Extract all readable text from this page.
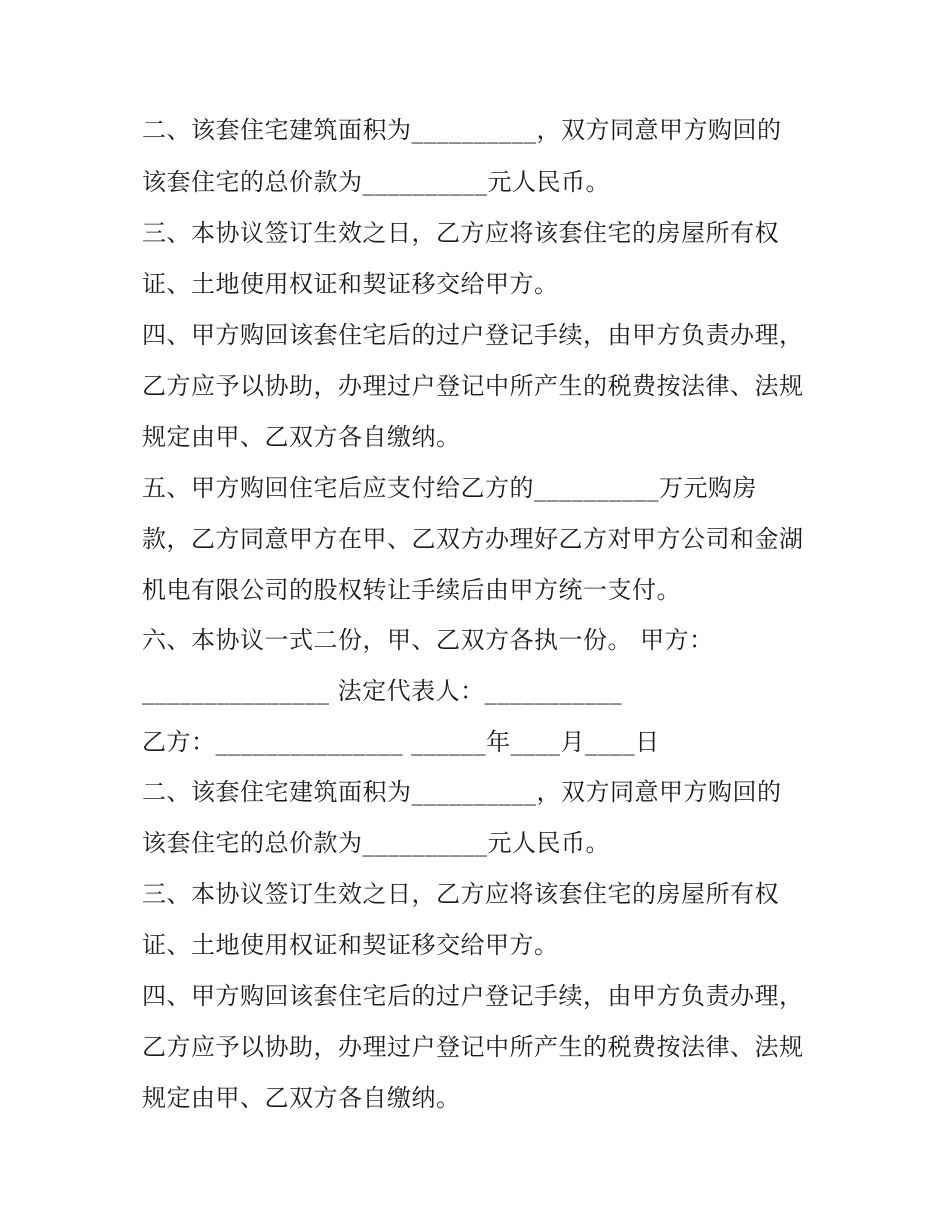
二、该套住宅建筑面积为__________，双方同意甲方购回的
该套住宅的总价款为__________元人民币。
三、本协议签订生效之日，乙方应将该套住宅的房屋所有权
证、土地使用权证和契证移交给甲方。
四、甲方购回该套住宅后的过户登记手续，由甲方负责办理，
乙方应予以协助，办理过户登记中所产生的税费按法律、法规
规定由甲、乙双方各自缴纳。
五、甲方购回住宅后应支付给乙方的__________万元购房
款，乙方同意甲方在甲、乙双方办理好乙方对甲方公司和金湖
机电有限公司的股权转让手续后由甲方统一支付。
六、本协议一式二份，甲、乙双方各执一份。 甲方：
_______________ 法定代表人：___________
乙方：_______________ ______年____月____日
二、该套住宅建筑面积为__________，双方同意甲方购回的
该套住宅的总价款为__________元人民币。
三、本协议签订生效之日，乙方应将该套住宅的房屋所有权
证、土地使用权证和契证移交给甲方。
四、甲方购回该套住宅后的过户登记手续，由甲方负责办理，
乙方应予以协助，办理过户登记中所产生的税费按法律、法规
规定由甲、乙双方各自缴纳。
